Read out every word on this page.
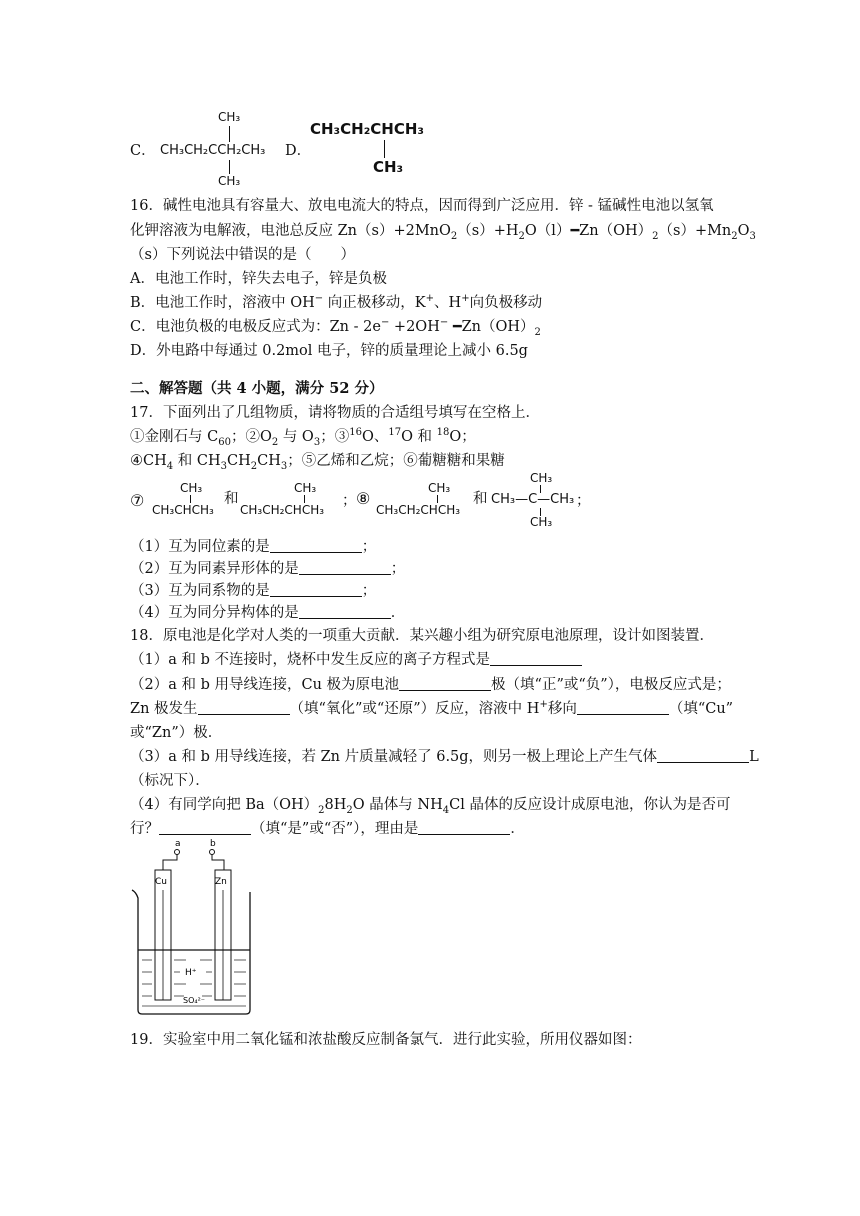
C．
CH₃
CH₃CH₂CCH₂CH₃
CH₃
D．
CH₃CH₂CHCH₃
CH₃
16．碱性电池具有容量大、放电电流大的特点，因而得到广泛应用．锌 - 锰碱性电池以氢氧
化钾溶液为电解液，电池总反应 $Zn(s)+2MnO_2(s)+H_2O(l)━Zn(OH)_2(s)+Mn_2O_3$
（s）下列说法中错误的是（　　）
A．电池工作时，锌失去电子，锌是负极
B．电池工作时，溶液中 OH− 向正极移动，K+、H+向负极移动
C．电池负极的电极反应式为：Zn - 2e− +2OH− $━Zn(OH)_2$
D．外电路中每通过 0.2mol 电子，锌的质量理论上减小 6.5g
二、解答题（共 4 小题，满分 52 分）
17．下面列出了几组物质，请将物质的合适组号填写在空格上．
①金刚石与 $C_{60}$；$②O_2$ 与 $O_3$；③$^{16}$O、$^{17}$O 和 $^{18}$O；
$④CH_4$ 和 $CH_3CH_2CH_3$；⑤乙烯和乙烷；⑥葡糖糖和果糖
⑦
CH₃
CH₃CHCH₃
和
CH₃
CH₃CH₂CHCH₃
； ⑧
CH₃
CH₃CH₂CHCH₃
和
CH₃
CH₃—C—CH₃
CH₃
；
（1）互为同位素的是	；
（2）互为同素异形体的是	；
（3）互为同系物的是	；
（4）互为同分异构体的是	．
18．原电池是化学对人类的一项重大贡献．某兴趣小组为研究原电池原理，设计如图装置．
（1）a 和 b 不连接时，烧杯中发生反应的离子方程式是
（2）a 和 b 用导线连接，Cu 极为原电池	极（填“正”或“负”），电极反应式是；
Zn 极发生	（填“氧化”或“还原”）反应，溶液中 H+移向	（填“Cu”
或“Zn”）极．
（3）a 和 b 用导线连接，若 Zn 片质量减轻了 6.5g，则另一极上理论上产生气体	L
（标况下）．
（4）有同学向把 $Ba(OH)_28H_2O$ 晶体与 $NH_4Cl$ 晶体的反应设计成原电池，你认为是否可
行？	（填“是”或“否”），理由是	．
a	b
Cu	Zn
H⁺
SO₄²⁻
19．实验室中用二氧化锰和浓盐酸反应制备氯气．进行此实验，所用仪器如图：
